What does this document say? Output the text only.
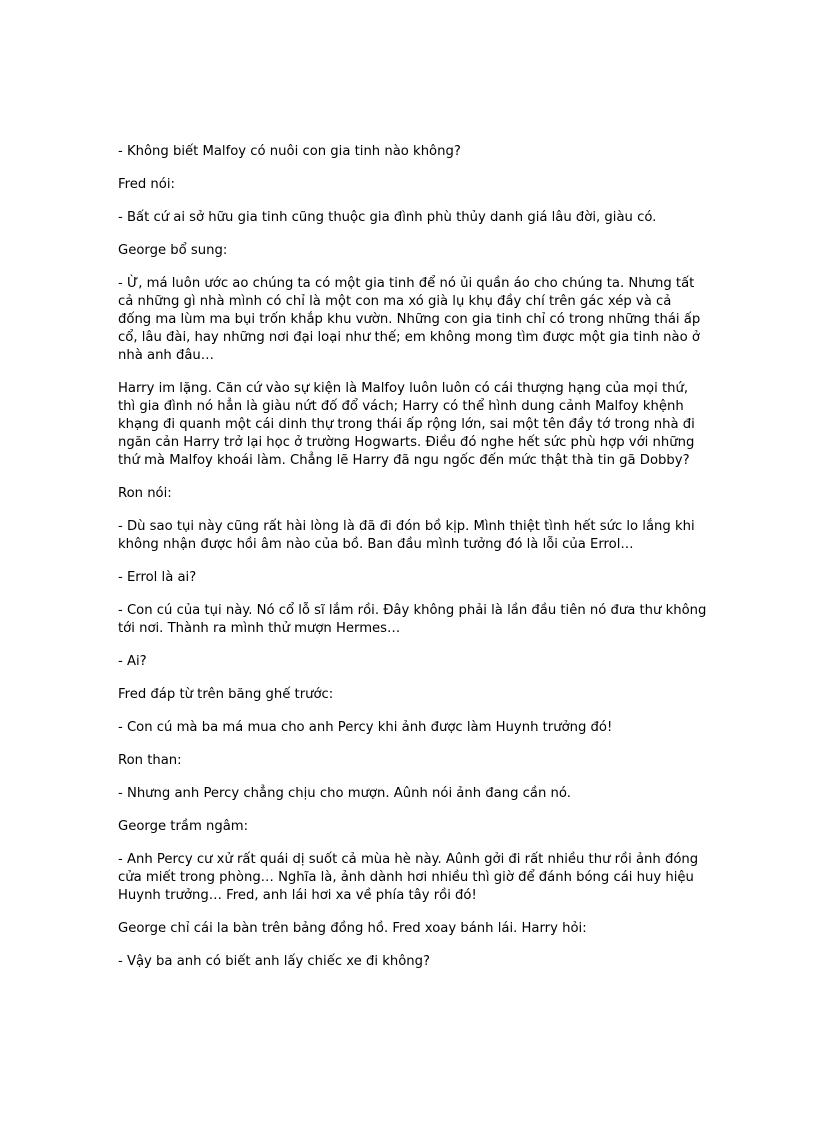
- Không biết Malfoy có nuôi con gia tinh nào không?

Fred nói:

- Bất cứ ai sở hữu gia tinh cũng thuộc gia đình phù thủy danh giá lâu đời, giàu có.

George bổ sung:

- Ừ, má luôn ước ao chúng ta có một gia tinh để nó ủi quần áo cho chúng ta. Nhưng tất cả những gì nhà mình có chỉ là một con ma xó già lụ khụ đầy chí trên gác xép và cả đống ma lùm ma bụi trốn khắp khu vườn. Những con gia tinh chỉ có trong những thái ấp cổ, lâu đài, hay những nơi đại loại như thế; em không mong tìm được một gia tinh nào ở nhà anh đâu…

Harry im lặng. Căn cứ vào sự kiện là Malfoy luôn luôn có cái thượng hạng của mọi thứ, thì gia đình nó hẳn là giàu nứt đố đổ vách; Harry có thể hình dung cảnh Malfoy khệnh khạng đi quanh một cái dinh thự trong thái ấp rộng lớn, sai một tên đầy tớ trong nhà đi ngăn cản Harry trở lại học ở trường Hogwarts. Điều đó nghe hết sức phù hợp với những thứ mà Malfoy khoái làm. Chẳng lẽ Harry đã ngu ngốc đến mức thật thà tin gã Dobby?

Ron nói:

- Dù sao tụi này cũng rất hài lòng là đã đi đón bồ kịp. Mình thiệt tình hết sức lo lắng khi không nhận được hồi âm nào của bồ. Ban đầu mình tưởng đó là lỗi của Errol…

- Errol là ai?

- Con cú của tụi này. Nó cổ lỗ sĩ lắm rồi. Đây không phải là lần đầu tiên nó đưa thư không tới nơi. Thành ra mình thử mượn Hermes…

- Ai?

Fred đáp từ trên băng ghế trước:

- Con cú mà ba má mua cho anh Percy khi ảnh được làm Huynh trưởng đó!

Ron than:

- Nhưng anh Percy chẳng chịu cho mượn. Aûnh nói ảnh đang cần nó.

George trầm ngâm:

- Anh Percy cư xử rất quái dị suốt cả mùa hè này. Aûnh gởi đi rất nhiều thư rồi ảnh đóng cửa miết trong phòng… Nghĩa là, ảnh dành hơi nhiều thì giờ để đánh bóng cái huy hiệu Huynh trưởng… Fred, anh lái hơi xa về phía tây rồi đó!

George chỉ cái la bàn trên bảng đồng hồ. Fred xoay bánh lái. Harry hỏi:

- Vậy ba anh có biết anh lấy chiếc xe đi không?
